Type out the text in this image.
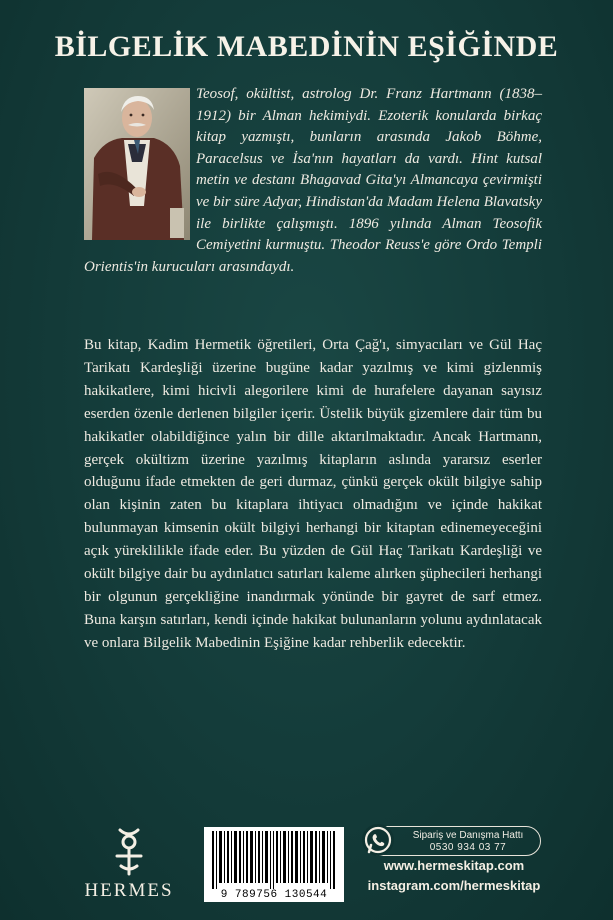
BİLGELİK MABEDİNİN EŞİĞİNDE

Teosof, okültist, astrolog Dr. Franz Hartmann (1838–1912) bir Alman hekimiydi. Ezoterik konularda birkaç kitap yazmıştı, bunların arasında Jakob Böhme, Paracelsus ve İsa'nın hayatları da vardı. Hint kutsal metin ve destanı Bhagavad Gita'yı Almancaya çevirmişti ve bir süre Adyar, Hindistan'da Madam Helena Blavatsky ile birlikte çalışmıştı. 1896 yılında Alman Teosofik Cemiyetini kurmuştu. Theodor Reuss'e göre Ordo Templi Orientis'in kurucuları arasındaydı.

Bu kitap, Kadim Hermetik öğretileri, Orta Çağ'ı, simyacıları ve Gül Haç Tarikatı Kardeşliği üzerine bugüne kadar yazılmış ve kimi gizlenmiş hakikatlere, kimi hicivli alegorilere kimi de hurafelere dayanan sayısız eserden özenle derlenen bilgiler içerir. Üstelik büyük gizemlere dair tüm bu hakikatler olabildiğince yalın bir dille aktarılmaktadır. Ancak Hartmann, gerçek okültizm üzerine yazılmış kitapların aslında yararsız eserler olduğunu ifade etmekten de geri durmaz, çünkü gerçek okült bilgiye sahip olan kişinin zaten bu kitaplara ihtiyacı olmadığını ve içinde hakikat bulunmayan kimsenin okült bilgiyi herhangi bir kitaptan edinemeyeceğini açık yüreklilikle ifade eder. Bu yüzden de Gül Haç Tarikatı Kardeşliği ve okült bilgiye dair bu aydınlatıcı satırları kaleme alırken şüphecileri herhangi bir olgunun gerçekliğine inandırmak yönünde bir gayret de sarf etmez. Buna karşın satırları, kendi içinde hakikat bulunanların yolunu aydınlatacak ve onlara Bilgelik Mabedinin Eşiğine kadar rehberlik edecektir.

HERMES	9 789756 130544
Sipariş ve Danışma Hattı
0530 934 03 77
www.hermeskitap.com
instagram.com/hermeskitap
